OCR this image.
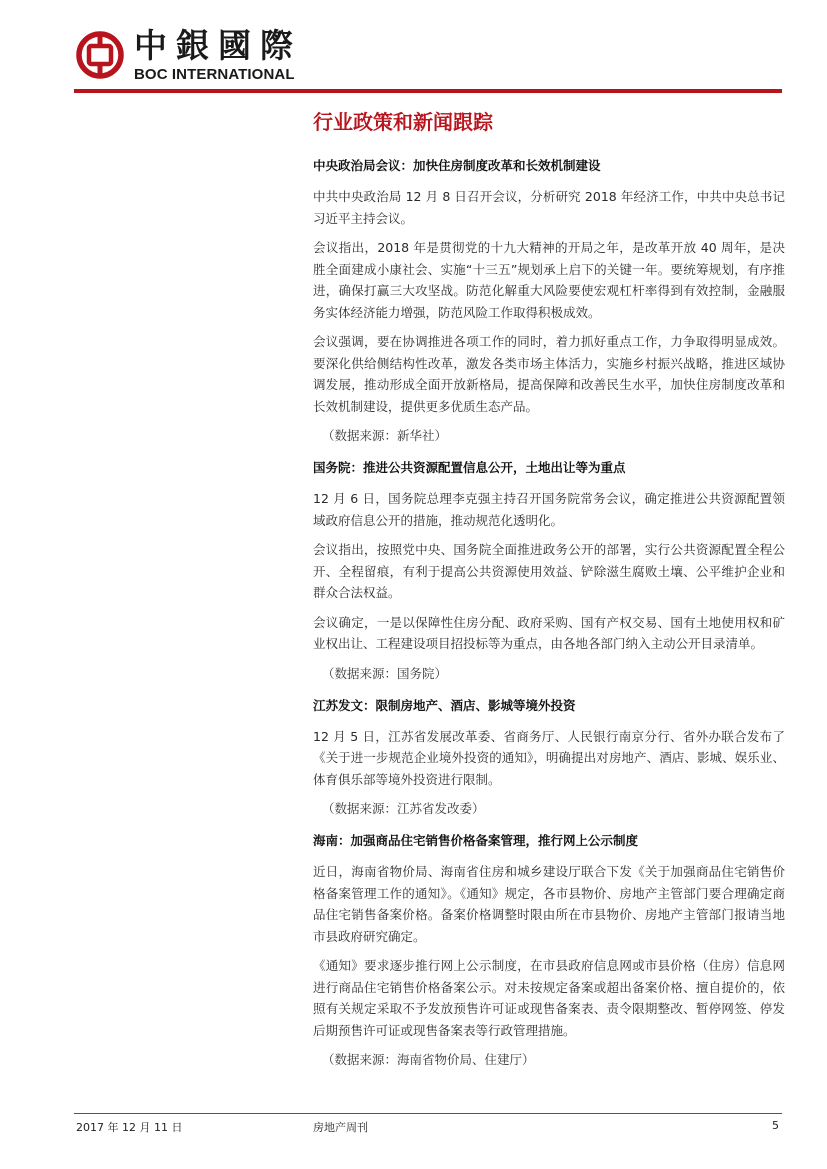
中銀國際
BOC INTERNATIONAL
行业政策和新闻跟踪
中央政治局会议：加快住房制度改革和长效机制建设

中共中央政治局 12 月 8 日召开会议，分析研究 2018 年经济工作，中共中央总书记习近平主持会议。

会议指出，2018 年是贯彻党的十九大精神的开局之年，是改革开放 40 周年，是决胜全面建成小康社会、实施“十三五”规划承上启下的关键一年。要统筹规划，有序推进，确保打赢三大攻坚战。防范化解重大风险要使宏观杠杆率得到有效控制，金融服务实体经济能力增强，防范风险工作取得积极成效。

会议强调，要在协调推进各项工作的同时，着力抓好重点工作，力争取得明显成效。要深化供给侧结构性改革，激发各类市场主体活力，实施乡村振兴战略，推进区域协调发展，推动形成全面开放新格局，提高保障和改善民生水平，加快住房制度改革和长效机制建设，提供更多优质生态产品。

（数据来源：新华社）
国务院：推进公共资源配置信息公开，土地出让等为重点

12 月 6 日，国务院总理李克强主持召开国务院常务会议，确定推进公共资源配置领域政府信息公开的措施，推动规范化透明化。

会议指出，按照党中央、国务院全面推进政务公开的部署，实行公共资源配置全程公开、全程留痕，有利于提高公共资源使用效益、铲除滋生腐败土壤、公平维护企业和群众合法权益。

会议确定，一是以保障性住房分配、政府采购、国有产权交易、国有土地使用权和矿业权出让、工程建设项目招投标等为重点，由各地各部门纳入主动公开目录清单。

（数据来源：国务院）
江苏发文：限制房地产、酒店、影城等境外投资

12 月 5 日，江苏省发展改革委、省商务厅、人民银行南京分行、省外办联合发布了《关于进一步规范企业境外投资的通知》，明确提出对房地产、酒店、影城、娱乐业、体育俱乐部等境外投资进行限制。

（数据来源：江苏省发改委）
海南：加强商品住宅销售价格备案管理，推行网上公示制度

近日，海南省物价局、海南省住房和城乡建设厅联合下发《关于加强商品住宅销售价格备案管理工作的通知》。《通知》规定，各市县物价、房地产主管部门要合理确定商品住宅销售备案价格。备案价格调整时限由所在市县物价、房地产主管部门报请当地市县政府研究确定。

《通知》要求逐步推行网上公示制度，在市县政府信息网或市县价格（住房）信息网进行商品住宅销售价格备案公示。对未按规定备案或超出备案价格、擅自提价的，依照有关规定采取不予发放预售许可证或现售备案表、责令限期整改、暂停网签、停发后期预售许可证或现售备案表等行政管理措施。

（数据来源：海南省物价局、住建厅）
2017 年 12 月 11 日	房地产周刊	5
